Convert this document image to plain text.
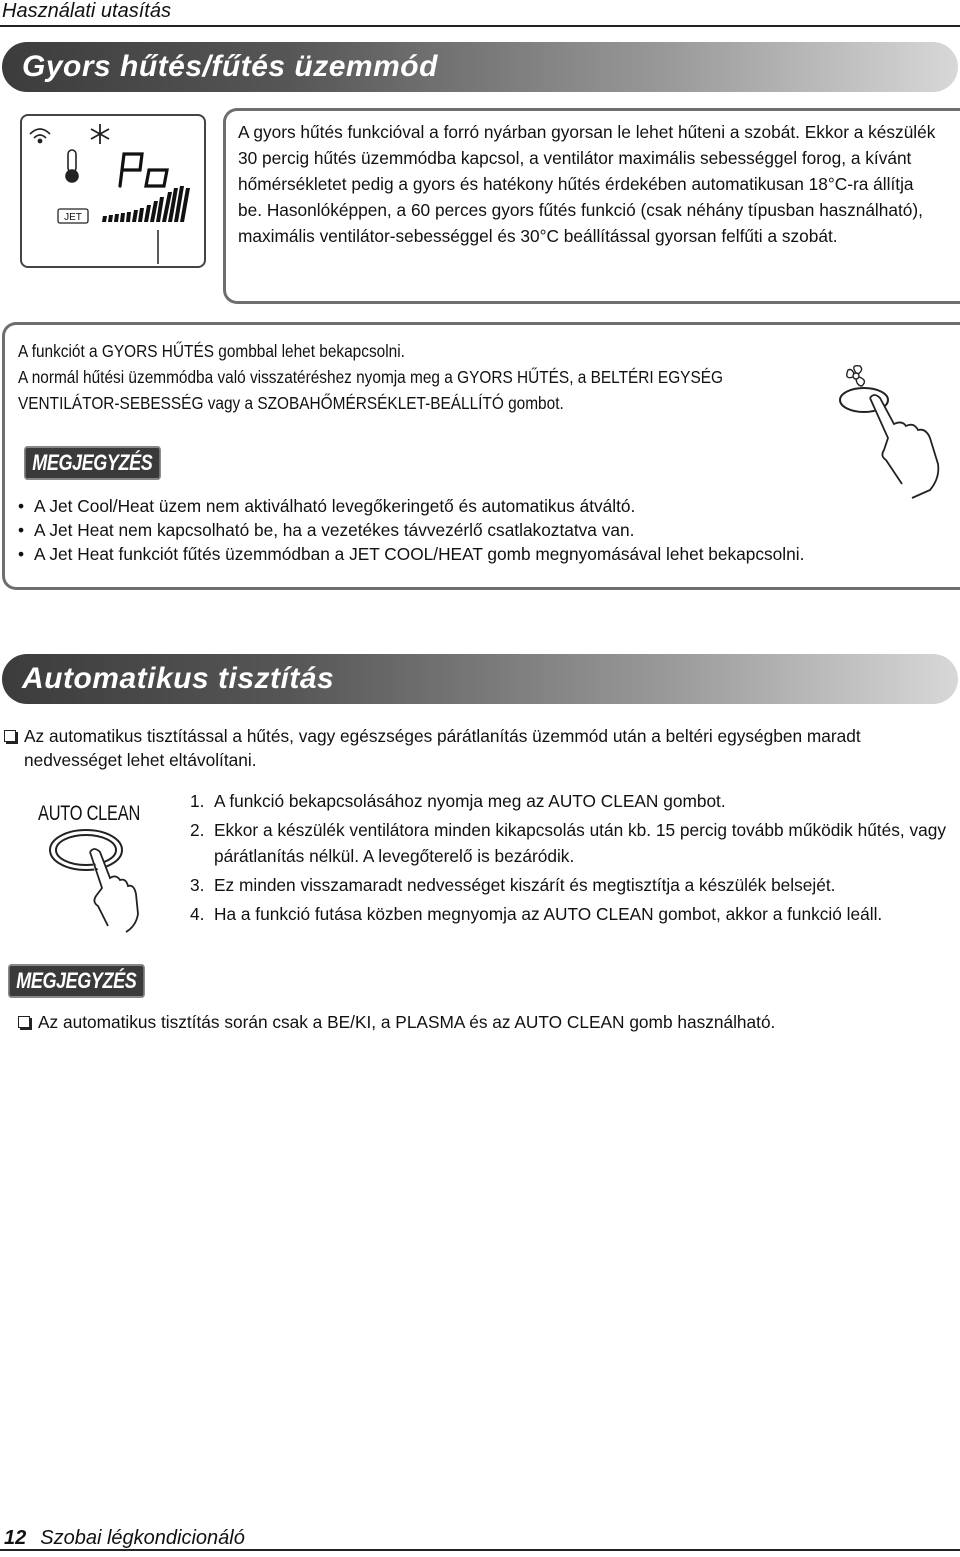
Használati utasítás
Gyors hűtés/fűtés üzemmód
JET
A gyors hűtés funkcióval a forró nyárban gyorsan le lehet hűteni a szobát. Ekkor a készülék 30 percig hűtés üzemmódba kapcsol, a ventilátor maximális sebességgel forog, a kívánt hőmérsékletet pedig a gyors és hatékony hűtés érdekében automatikusan 18°C-ra állítja be. Hasonlóképpen, a 60 perces gyors fűtés funkció (csak néhány típusban használható), maximális ventilátor-sebességgel és 30°C beállítással gyorsan felfűti a szobát.
A funkciót a GYORS HŰTÉS gombbal lehet bekapcsolni.
A normál hűtési üzemmódba való visszatéréshez nyomja meg a GYORS HŰTÉS, a BELTÉRI EGYSÉG VENTILÁTOR-SEBESSÉG vagy a SZOBAHŐMÉRSÉKLET-BEÁLLÍTÓ gombot.
MEGJEGYZÉS
• A Jet Cool/Heat üzem nem aktiválható levegőkeringető és automatikus átváltó.
• A Jet Heat nem kapcsolható be, ha a vezetékes távvezérlő csatlakoztatva van.
• A Jet Heat funkciót fűtés üzemmódban a JET COOL/HEAT gomb megnyomásával lehet bekapcsolni.
Automatikus tisztítás
Az automatikus tisztítással a hűtés, vagy egészséges párátlanítás üzemmód után a beltéri egységben maradt nedvességet lehet eltávolítani.
AUTO CLEAN
1. A funkció bekapcsolásához nyomja meg az AUTO CLEAN gombot.
2. Ekkor a készülék ventilátora minden kikapcsolás után kb. 15 percig tovább működik hűtés, vagy párátlanítás nélkül. A levegőterelő is bezáródik.
3. Ez minden visszamaradt nedvességet kiszárít és megtisztítja a készülék belsejét.
4. Ha a funkció futása közben megnyomja az AUTO CLEAN gombot, akkor a funkció leáll.
MEGJEGYZÉS
Az automatikus tisztítás során csak a BE/KI, a PLASMA és az AUTO CLEAN gomb használható.
12 Szobai légkondicionáló
